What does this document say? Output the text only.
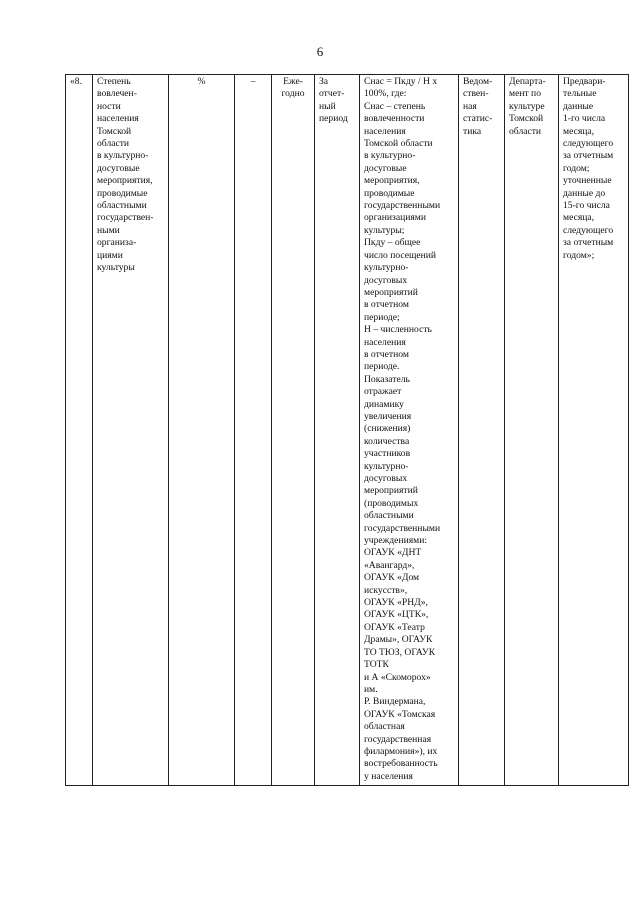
6
«8.	Степень
вовлечен-
ности
населения
Томской
области
в культурно-
досуговые
мероприятия,
проводимые
областными
государствен-
ными
организа-
циями
культуры	%	–	Еже-
годно	За
отчет-
ный
период	Снас = Пкду / Н х
100%, где:
Снас – степень
вовлеченности
населения
Томской области
в культурно-
досуговые
мероприятия,
проводимые
государственными
организациями
культуры;
Пкду – общее
число посещений
культурно-
досуговых
мероприятий
в отчетном
периоде;
Н – численность
населения
в отчетном
периоде.
Показатель
отражает
динамику
увеличения
(снижения)
количества
участников
культурно-
досуговых
мероприятий
(проводимых
областными
государственными
учреждениями:
ОГАУК «ДНТ
«Авангард»,
ОГАУК «Дом
искусств»,
ОГАУК «РНД»,
ОГАУК «ЦТК»,
ОГАУК «Театр
Драмы», ОГАУК
ТО ТЮЗ, ОГАУК
ТОТК
и А «Скоморох»
им.
Р. Виндермана,
ОГАУК «Томская
областная
государственная
филармония»), их
востребованность
у населения	Ведом-
ствен-
ная
статис-
тика	Департа-
мент по
культуре
Томской
области	Предвари-
тельные
данные
1-го числа
месяца,
следующего
за отчетным
годом;
уточненные
данные до
15-го числа
месяца,
следующего
за отчетным
годом»;
